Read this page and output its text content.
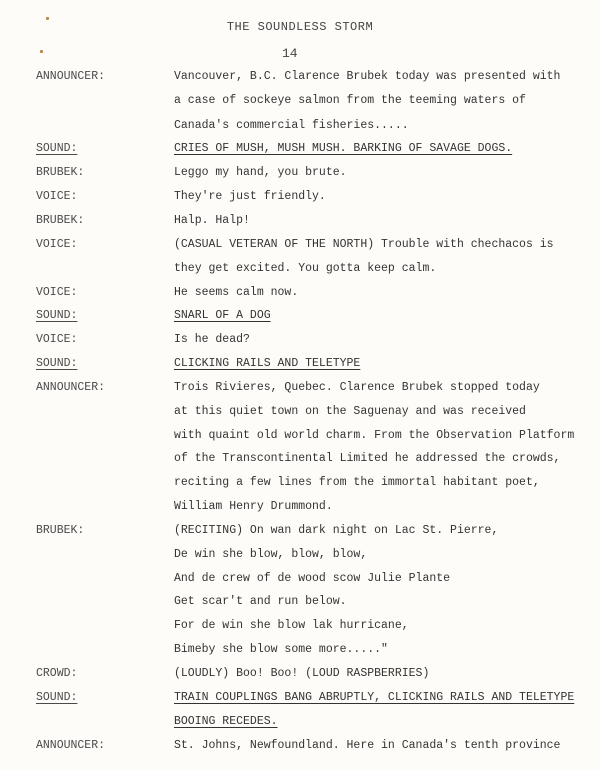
THE SOUNDLESS STORM
14
ANNOUNCER:	Vancouver, B.C. Clarence Brubek today was presented with
a case of sockeye salmon from the teeming waters of
Canada's commercial fisheries.....
SOUND:	CRIES OF MUSH, MUSH MUSH. BARKING OF SAVAGE DOGS.
BRUBEK:	Leggo my hand, you brute.
VOICE:	They're just friendly.
BRUBEK:	Halp. Halp!
VOICE:	(CASUAL VETERAN OF THE NORTH) Trouble with chechacos is
they get excited. You gotta keep calm.
VOICE:	He seems calm now.
SOUND:	SNARL OF A DOG
VOICE:	Is he dead?
SOUND:	CLICKING RAILS AND TELETYPE
ANNOUNCER:	Trois Rivieres, Quebec. Clarence Brubek stopped today
at this quiet town on the Saguenay and was received
with quaint old world charm. From the Observation Platform
of the Transcontinental Limited he addressed the crowds,
reciting a few lines from the immortal habitant poet,
William Henry Drummond.
BRUBEK:	(RECITING) On wan dark night on Lac St. Pierre,
De win she blow, blow, blow,
And de crew of de wood scow Julie Plante
Get scar't and run below.
For de win she blow lak hurricane,
Bimeby she blow some more....."
CROWD:	(LOUDLY) Boo! Boo! (LOUD RASPBERRIES)
SOUND:	TRAIN COUPLINGS BANG ABRUPTLY, CLICKING RAILS AND TELETYPE
BOOING RECEDES.
ANNOUNCER:	St. Johns, Newfoundland. Here in Canada's tenth province
